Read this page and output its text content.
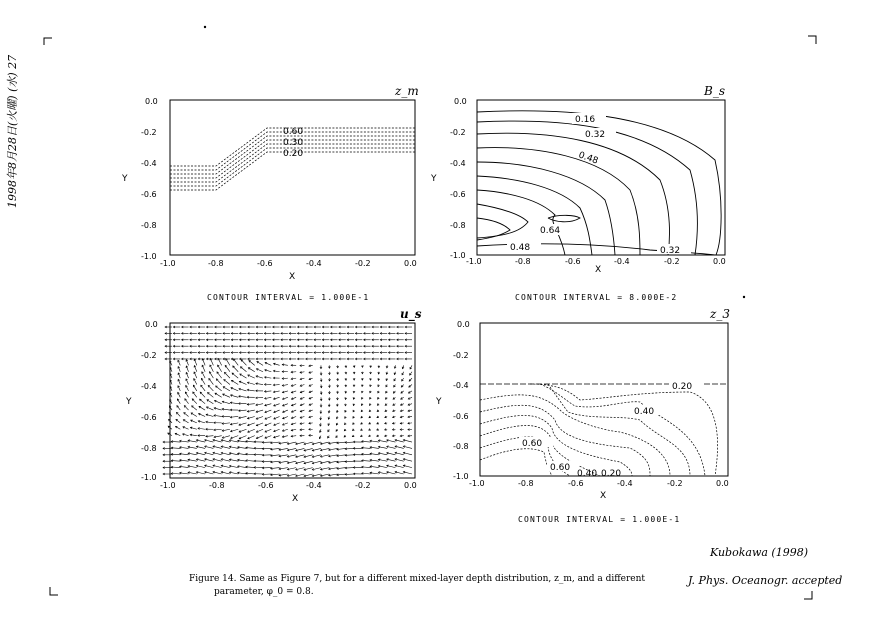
1998年8月28日(火曜) (水) 27	z_m
Y
X
-1.0	-0.8	-0.6	-0.4	-0.2	0.0
0.0
-0.2
-0.4
-0.6
-0.8
-1.0
0.60
0.30
0.20
CONTOUR INTERVAL = 1.000E-1
B_s
Y
X
-1.0	-0.8	-0.6	-0.4	-0.2	0.0
0.0
-0.2
-0.4
-0.6
-0.8
-1.0
0.16
0.32
0.48
0.64
0.48	0.32
CONTOUR INTERVAL = 8.000E-2
u_s
Y
X
-1.0	-0.8	-0.6	-0.4	-0.2	0.0
0.0
-0.2
-0.4
-0.6
-0.8
-1.0
z_3
Y
X
-1.0	-0.8	-0.6	-0.4	-0.2	0.0
0.0
-0.2
-0.4
-0.6
-0.8
-1.0
0.20
0.40
0.60
0.60
0.40 0.20
CONTOUR INTERVAL = 1.000E-1
Figure 14. Same as Figure 7, but for a different mixed-layer depth distribution, z_m, and a different
parameter, φ_0 = 0.8.
Kubokawa (1998)
J. Phys. Oceanogr. accepted
